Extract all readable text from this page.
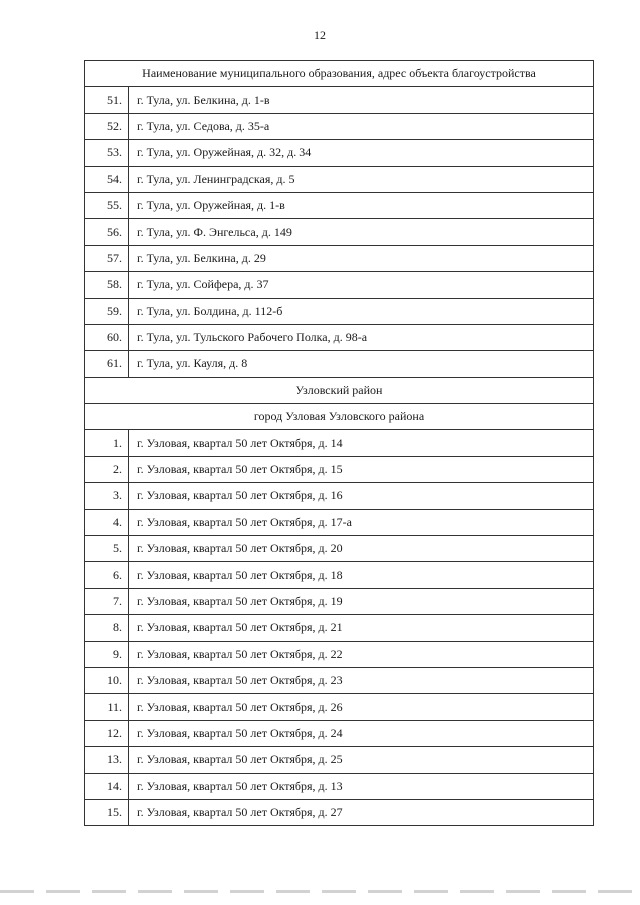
12
Наименование муниципального образования, адрес объекта благоустройства	
51.	г. Тула, ул. Белкина, д. 1-в
52.	г. Тула, ул. Седова, д. 35-а
53.	г. Тула, ул. Оружейная, д. 32, д. 34
54.	г. Тула, ул. Ленинградская, д. 5
55.	г. Тула, ул. Оружейная, д. 1-в
56.	г. Тула, ул. Ф. Энгельса, д. 149
57.	г. Тула, ул. Белкина, д. 29
58.	г. Тула, ул. Сойфера, д. 37
59.	г. Тула, ул. Болдина, д. 112-б
60.	г. Тула, ул. Тульского Рабочего Полка, д. 98-а
61.	г. Тула, ул. Кауля, д. 8
Узловский район	
город Узловая Узловского района	
1.	г. Узловая, квартал 50 лет Октября, д. 14
2.	г. Узловая, квартал 50 лет Октября, д. 15
3.	г. Узловая, квартал 50 лет Октября, д. 16
4.	г. Узловая, квартал 50 лет Октября, д. 17-а
5.	г. Узловая, квартал 50 лет Октября, д. 20
6.	г. Узловая, квартал 50 лет Октября, д. 18
7.	г. Узловая, квартал 50 лет Октября, д. 19
8.	г. Узловая, квартал 50 лет Октября, д. 21
9.	г. Узловая, квартал 50 лет Октября, д. 22
10.	г. Узловая, квартал 50 лет Октября, д. 23
11.	г. Узловая, квартал 50 лет Октября, д. 26
12.	г. Узловая, квартал 50 лет Октября, д. 24
13.	г. Узловая, квартал 50 лет Октября, д. 25
14.	г. Узловая, квартал 50 лет Октября, д. 13
15.	г. Узловая, квартал 50 лет Октября, д. 27
